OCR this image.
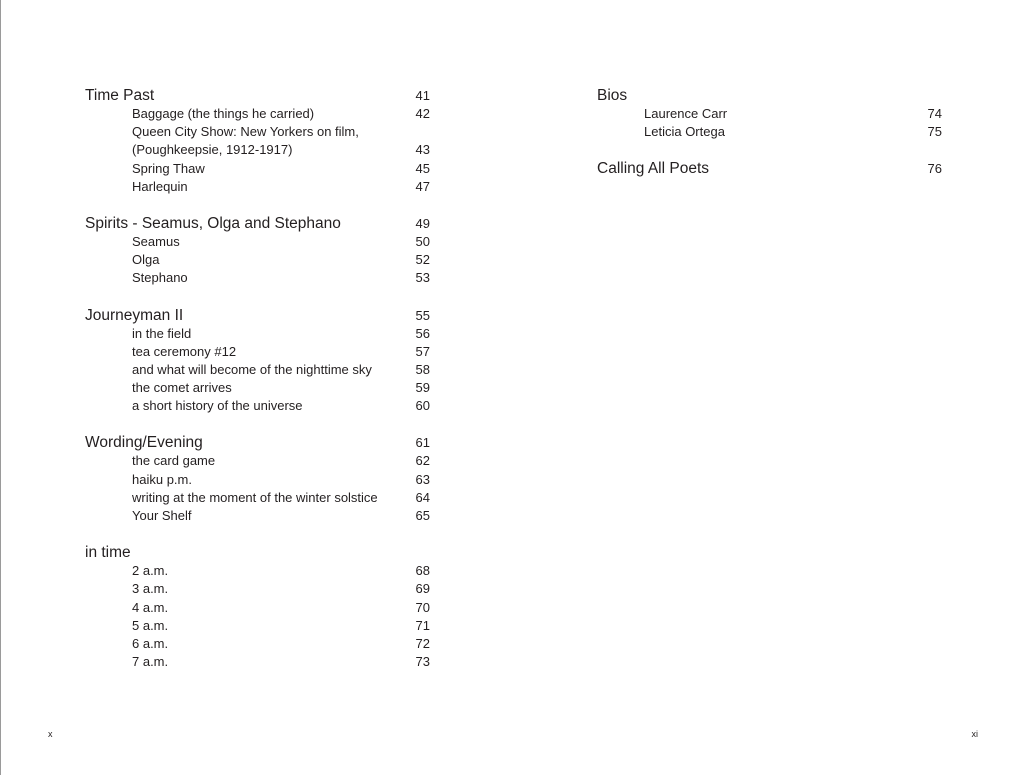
Time Past	41
Baggage (the things he carried)	42
Queen City Show: New Yorkers on film,
(Poughkeepsie, 1912-1917)	43
Spring Thaw	45
Harlequin	47
Spirits - Seamus, Olga and Stephano	49
Seamus	50
Olga	52
Stephano	53
Journeyman II	55
in the field	56
tea ceremony #12	57
and what will become of the nighttime sky	58
the comet arrives	59
a short history of the universe	60
Wording/Evening	61
the card game	62
haiku p.m.	63
writing at the moment of the winter solstice	64
Your Shelf	65
in time
2 a.m.	68
3 a.m.	69
4 a.m.	70
5 a.m.	71
6 a.m.	72
7 a.m.	73
Bios
Laurence Carr	74
Leticia Ortega	75
Calling All Poets	76
x	xi
